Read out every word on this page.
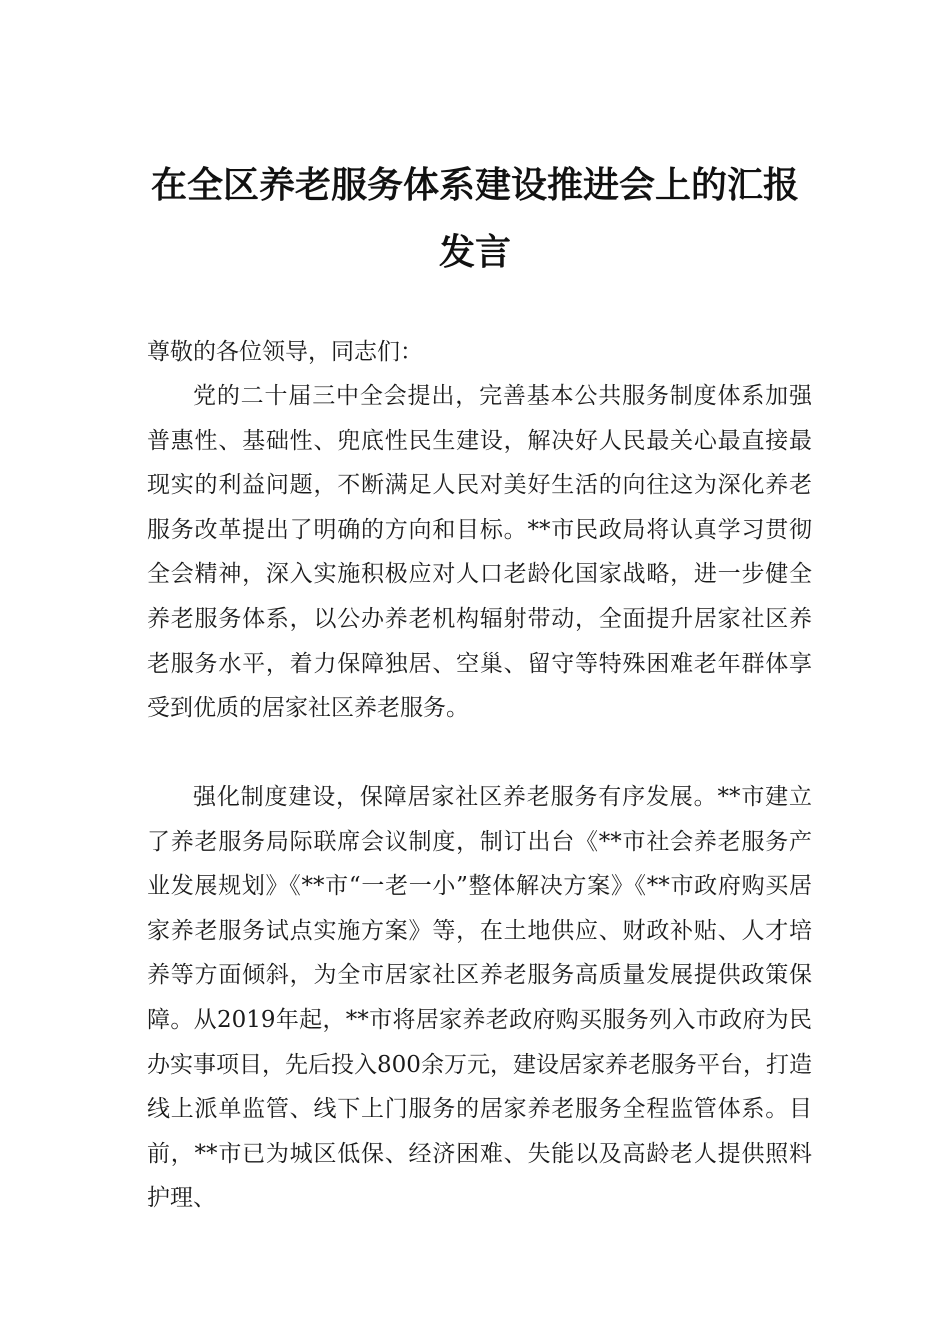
在全区养老服务体系建设推进会上的汇报
发言
尊敬的各位领导，同志们：

党的二十届三中全会提出，完善基本公共服务制度体系加强普惠性、基础性、兜底性民生建设，解决好人民最关心最直接最现实的利益问题，不断满足人民对美好生活的向往这为深化养老服务改革提出了明确的方向和目标。**市民政局将认真学习贯彻全会精神，深入实施积极应对人口老龄化国家战略，进一步健全养老服务体系，以公办养老机构辐射带动，全面提升居家社区养老服务水平，着力保障独居、空巢、留守等特殊困难老年群体享受到优质的居家社区养老服务。

强化制度建设，保障居家社区养老服务有序发展。**市建立了养老服务局际联席会议制度，制订出台《**市社会养老服务产业发展规划》《**市“一老一小”整体解决方案》《**市政府购买居家养老服务试点实施方案》等，在土地供应、财政补贴、人才培养等方面倾斜，为全市居家社区养老服务高质量发展提供政策保障。从2019年起，**市将居家养老政府购买服务列入市政府为民办实事项目，先后投入800余万元，建设居家养老服务平台，打造线上派单监管、线下上门服务的居家养老服务全程监管体系。目前，**市已为城区低保、经济困难、失能以及高龄老人提供照料护理、
